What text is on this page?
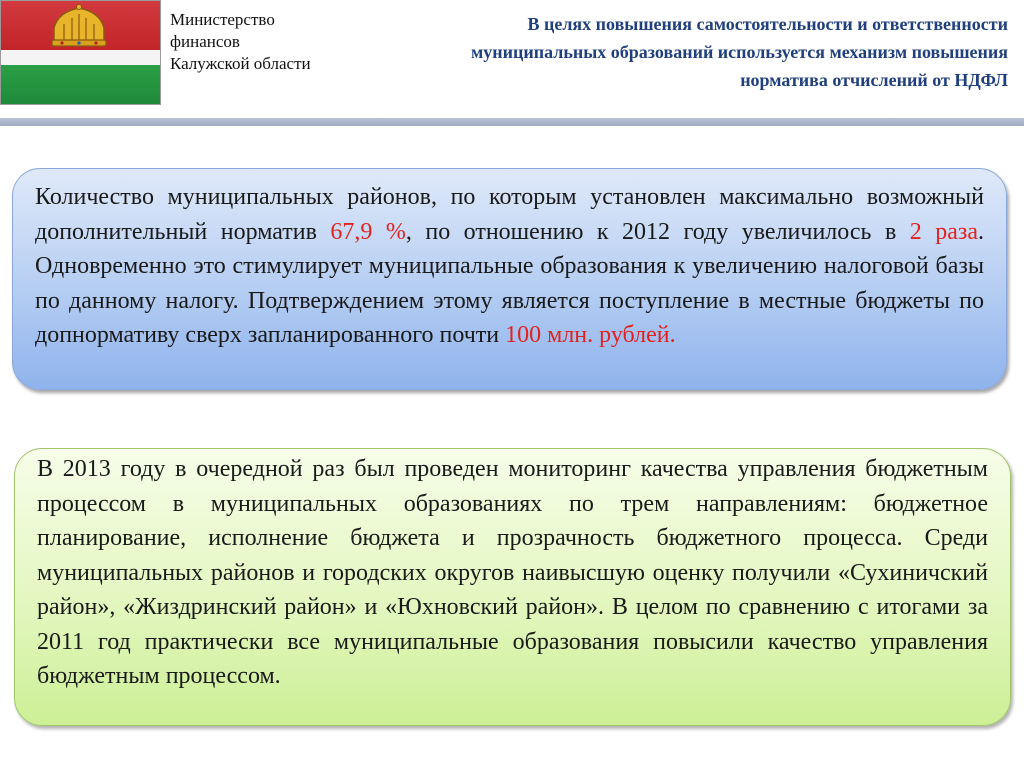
Министерство
финансов
Калужской области
В целях повышения самостоятельности и ответственности муниципальных образований используется механизм повышения норматива отчислений от НДФЛ
Количество муниципальных районов, по которым установлен максимально возможный дополнительный норматив 67,9 %, по отношению к 2012 году увеличилось в 2 раза. Одновременно это стимулирует муниципальные образования к увеличению налоговой базы по данному налогу. Подтверждением этому является поступление в местные бюджеты по допнормативу сверх запланированного почти 100 млн. рублей.
В 2013 году в очередной раз был проведен мониторинг качества управления бюджетным процессом в муниципальных образованиях по трем направлениям: бюджетное планирование, исполнение бюджета и прозрачность бюджетного процесса. Среди муниципальных районов и городских округов наивысшую оценку получили «Сухиничский район», «Жиздринский район» и «Юхновский район». В целом по сравнению с итогами за 2011 год практически все муниципальные образования повысили качество управления бюджетным процессом.
